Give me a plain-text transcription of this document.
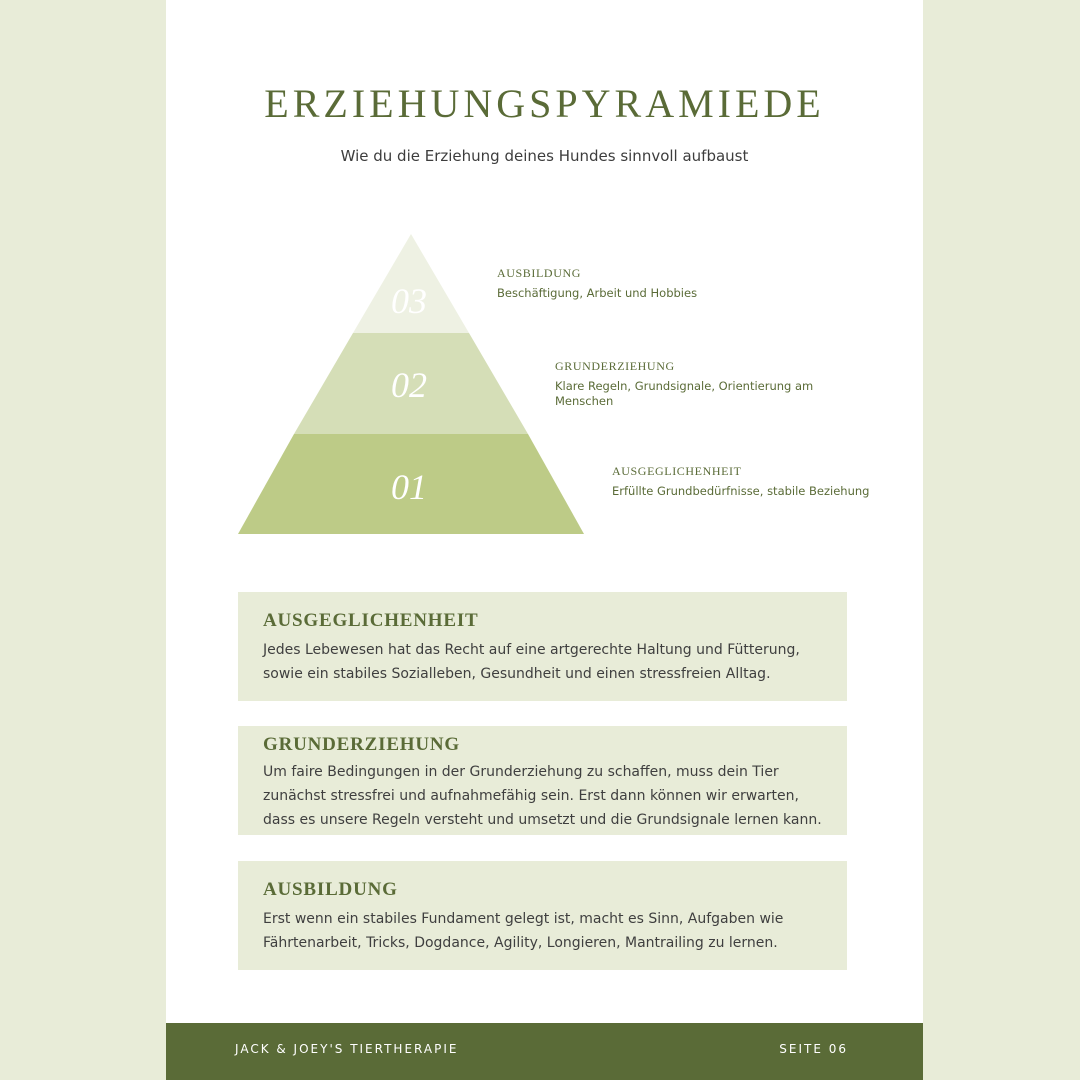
ERZIEHUNGSPYRAMIEDE
Wie du die Erziehung deines Hundes sinnvoll aufbaust
03
02
01
AUSBILDUNG
Beschäftigung, Arbeit und Hobbies
GRUNDERZIEHUNG
Klare Regeln, Grundsignale, Orientierung am Menschen
AUSGEGLICHENHEIT
Erfüllte Grundbedürfnisse, stabile Beziehung
AUSGEGLICHENHEIT
Jedes Lebewesen hat das Recht auf eine artgerechte Haltung und Fütterung, sowie ein stabiles Sozialleben, Gesundheit und einen stressfreien Alltag.
GRUNDERZIEHUNG
Um faire Bedingungen in der Grunderziehung zu schaffen, muss dein Tier zunächst stressfrei und aufnahmefähig sein. Erst dann können wir erwarten, dass es unsere Regeln versteht und umsetzt und die Grundsignale lernen kann.
AUSBILDUNG
Erst wenn ein stabiles Fundament gelegt ist, macht es Sinn, Aufgaben wie Fährtenarbeit, Tricks, Dogdance, Agility, Longieren, Mantrailing zu lernen.
JACK & JOEY'S TIERTHERAPIE	SEITE 06
